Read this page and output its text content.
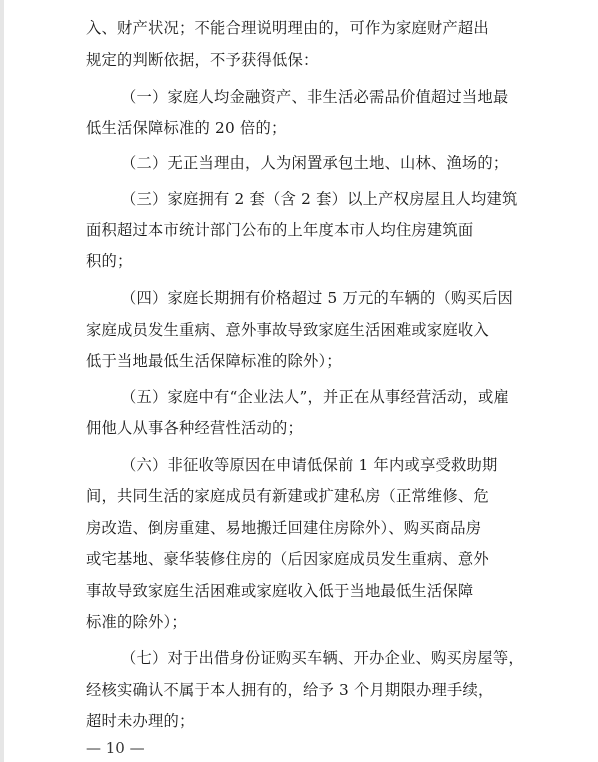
入、财产状况；不能合理说明理由的，可作为家庭财产超出
规定的判断依据，不予获得低保：
（一）家庭人均金融资产、非生活必需品价值超过当地最
低生活保障标准的 20 倍的；
（二）无正当理由，人为闲置承包土地、山林、渔场的；
（三）家庭拥有 2 套（含 2 套）以上产权房屋且人均建筑
面积超过本市统计部门公布的上年度本市人均住房建筑面
积的；
（四）家庭长期拥有价格超过 5 万元的车辆的（购买后因
家庭成员发生重病、意外事故导致家庭生活困难或家庭收入
低于当地最低生活保障标准的除外）；
（五）家庭中有“企业法人”，并正在从事经营活动，或雇
佣他人从事各种经营性活动的；
（六）非征收等原因在申请低保前 1 年内或享受救助期
间，共同生活的家庭成员有新建或扩建私房（正常维修、危
房改造、倒房重建、易地搬迁回建住房除外）、购买商品房
或宅基地、豪华装修住房的（后因家庭成员发生重病、意外
事故导致家庭生活困难或家庭收入低于当地最低生活保障
标准的除外）；
（七）对于出借身份证购买车辆、开办企业、购买房屋等，
经核实确认不属于本人拥有的，给予 3 个月期限办理手续，
超时未办理的；
— 10 —
